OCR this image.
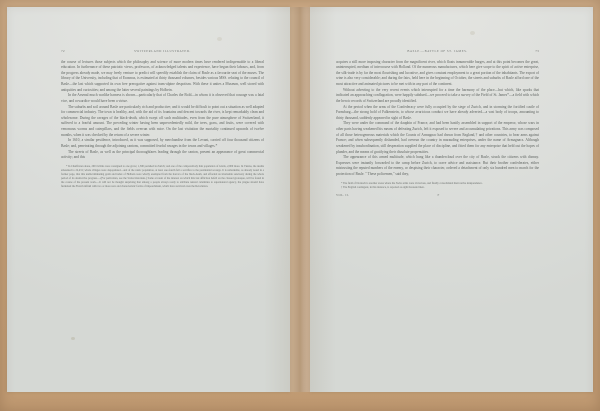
72	SWITZERLAND ILLUSTRATED.

the course of lectures those subjects which the philosophy and science of more modern times have rendered indispensable to a liberal education. In furtherance of these patriotic views, professors, of acknowledged talents and experience, have begun their labours, and, from the progress already made, we may freely venture to predict will speedily establish the claim of Basle as a favourite seat of the muses. The library of the University, including that of Erasmus, is estimated at thirty thousand volumes, besides various MSS. relating to the council of Basle—the last which supported its own free prerogative against trans-alpine despotism. With these it unites a Museum, well stored with antiquities and curiosities; and among the latter several paintings by Holbein.

In the Arsenal much warlike harness is shown—particularly that of Charles the Bold—in whom it is observed that courage was a fatal vice, and cowardice would have been a virtue.

The suburbs and soil around Basle are particularly rich and productive; and it would be difficult to point out a situation as well adapted for commercial industry. The town is healthy, and, with the aid of its fountains and descent towards the river, is kept remarkably clean and wholesome. During the ravages of the black-death, which swept off such multitudes, even from the pure atmosphere of Switzerland, it suffered to a fearful amount. The preceding winter having been unprecedentedly mild, the trees, grass, and fruits, were covered with venomous worms and caterpillars, and the fields overrun with mice. On the last visitation the mortality continued upwards of twelve months, when it was checked by the return of a severe winter.

In 1610, a similar pestilence, introduced, as it was supposed, by merchandise from the Levant, carried off four thousand citizens of Basle; and, penetrating through the adjoining cantons, committed fearful ravages in the towns and villages.*

The streets of Basle, as well as the principal thoroughfares leading through the canton, present an appearance of great commercial activity; and this

* In Churfirsten alone, 200 victims were consigned to one grave; 1,500 perished in Zurich; and one of the comparatively thin population of Glaris, 2,000 more. In Vienna, the deaths amounted to 22,431; whole villages were depopulated—and of the rustic population, at least one-fourth fell a sacrifice to the pestilential scourge. It is remarkable, as already noted in a former page, that this undiscriminating germ and index of Holbein were wholly exempted from the horrors of the black-death, and afforded an invaluable sanctuary during the whole period of its destructive progress.—(For particulars, see the Swiss historians.) Some account of the interest on which this last affliction befell on the classed grotesque, will be found in the course of the present work.—It will not be thought surprising that among a people always ready to attribute natural calamities to supernatural agency, the plague should have furnished the French infidel with two or more new and characteristic forms of impeachment, which have survived even the Revolution.

BASLE.—BATTLE OF ST. JAMES.	73

acquires a still more imposing character from the magnificent river, which floats innumerable barges, and at this point becomes the great, uninterrupted, medium of intercourse with Holland. Of the numerous manufactures, which here give scope to the spirit of active enterprise, the silk-trade is by far the most flourishing and lucrative, and gives constant employment to a great portion of the inhabitants. The export of wine is also very considerable; and during the fairs, held here in the beginning of October, the streets and suburbs of Basle afford one of the most attractive and animated pictures to be met with in any part of the continent.

Without adverting to the very recent events which interrupted for a time the harmony of the place—but which, like sparks that indicated an approaching conflagration, were happily subdued—we proceed to take a survey of the Field of St. James*—a field with which the heroic records of Switzerland are proudly identified.

At the period when the arms of the Confederacy were fully occupied by the siege of Zurich, and in storming the fortified castle of Farnsburg—the strong hold of Falkenstein, to whose avaricious conduct we have already adverted—a vast body of troops, amounting to thirty thousand, suddenly appeared in sight of Basle.

They were under the command of the dauphin of France, and had been hastily assembled in support of the emperor, whose wars in other parts having weakened his means of defeating Zurich, left it exposed to severe and accumulating privations. This army was composed of all those heterogeneous materials which the Counts of Armagnac had drawn from England,† and other countries, to bear arms against France; and when subsequently disbanded, had overrun the country in marauding enterprises, under the name of Armagnacs. Although weakened by insubordination, still desperation supplied the place of discipline, and fitted them for any enterprise that held out the hopes of plunder, and the means of gratifying their dissolute propensities.

The appearance of this armed multitude, which hung like a thundercloud over the city of Basle, struck the citizens with dismay. Expresses were instantly forwarded to the camp before Zurich, to crave advice and assistance. But their brother confederates, either mistrusting the reputed numbers of the enemy, or despising their character, ordered a detachment of only six hundred men to march for the protection of Basle. " These policemen," said they,

* The field of Dornach is another scene where the Swiss arms were victorious, and finally consolidated their native independence.

† The English contingent, in this instance, is reported as eight thousand men.

VOL. II.	F
